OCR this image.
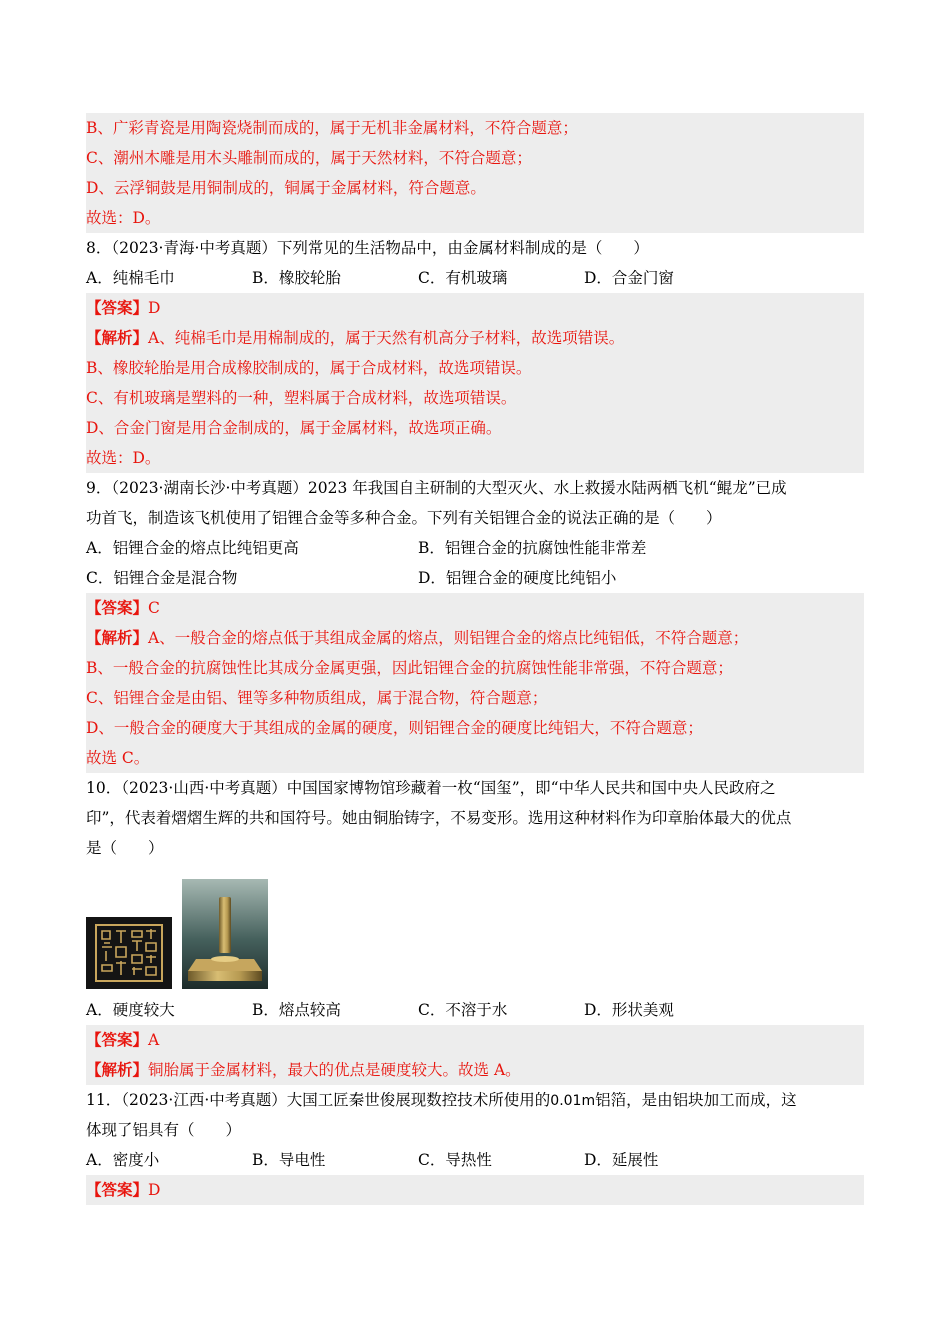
B、广彩青瓷是用陶瓷烧制而成的，属于无机非金属材料，不符合题意；
C、潮州木雕是用木头雕制而成的，属于天然材料，不符合题意；
D、云浮铜鼓是用铜制成的，铜属于金属材料，符合题意。
故选：D。
8．（2023·青海·中考真题）下列常见的生活物品中，由金属材料制成的是（　　）
A．纯棉毛巾	B．橡胶轮胎	C．有机玻璃	D．合金门窗
【答案】D
【解析】A、纯棉毛巾是用棉制成的，属于天然有机高分子材料，故选项错误。
B、橡胶轮胎是用合成橡胶制成的，属于合成材料，故选项错误。
C、有机玻璃是塑料的一种，塑料属于合成材料，故选项错误。
D、合金门窗是用合金制成的，属于金属材料，故选项正确。
故选：D。
9．（2023·湖南长沙·中考真题）2023 年我国自主研制的大型灭火、水上救援水陆两栖飞机“鲲龙”已成
功首飞，制造该飞机使用了铝锂合金等多种合金。下列有关铝锂合金的说法正确的是（　　）
A．铝锂合金的熔点比纯铝更高	B．铝锂合金的抗腐蚀性能非常差
C．铝锂合金是混合物	D．铝锂合金的硬度比纯铝小
【答案】C
【解析】A、一般合金的熔点低于其组成金属的熔点，则铝锂合金的熔点比纯铝低，不符合题意；
B、一般合金的抗腐蚀性比其成分金属更强，因此铝锂合金的抗腐蚀性能非常强，不符合题意；
C、铝锂合金是由铝、锂等多种物质组成，属于混合物，符合题意；
D、一般合金的硬度大于其组成的金属的硬度，则铝锂合金的硬度比纯铝大，不符合题意；
故选 C。
10．（2023·山西·中考真题）中国国家博物馆珍藏着一枚“国玺”，即“中华人民共和国中央人民政府之
印”，代表着熠熠生辉的共和国符号。她由铜胎铸字，不易变形。选用这种材料作为印章胎体最大的优点
是（　　）
A．硬度较大	B．熔点较高	C．不溶于水	D．形状美观
【答案】A
【解析】铜胎属于金属材料，最大的优点是硬度较大。故选 A。
11．（2023·江西·中考真题）大国工匠秦世俊展现数控技术所使用的0.01m铝箔，是由铝块加工而成，这
体现了铝具有（　　）
A．密度小	B．导电性	C．导热性	D．延展性
【答案】D
